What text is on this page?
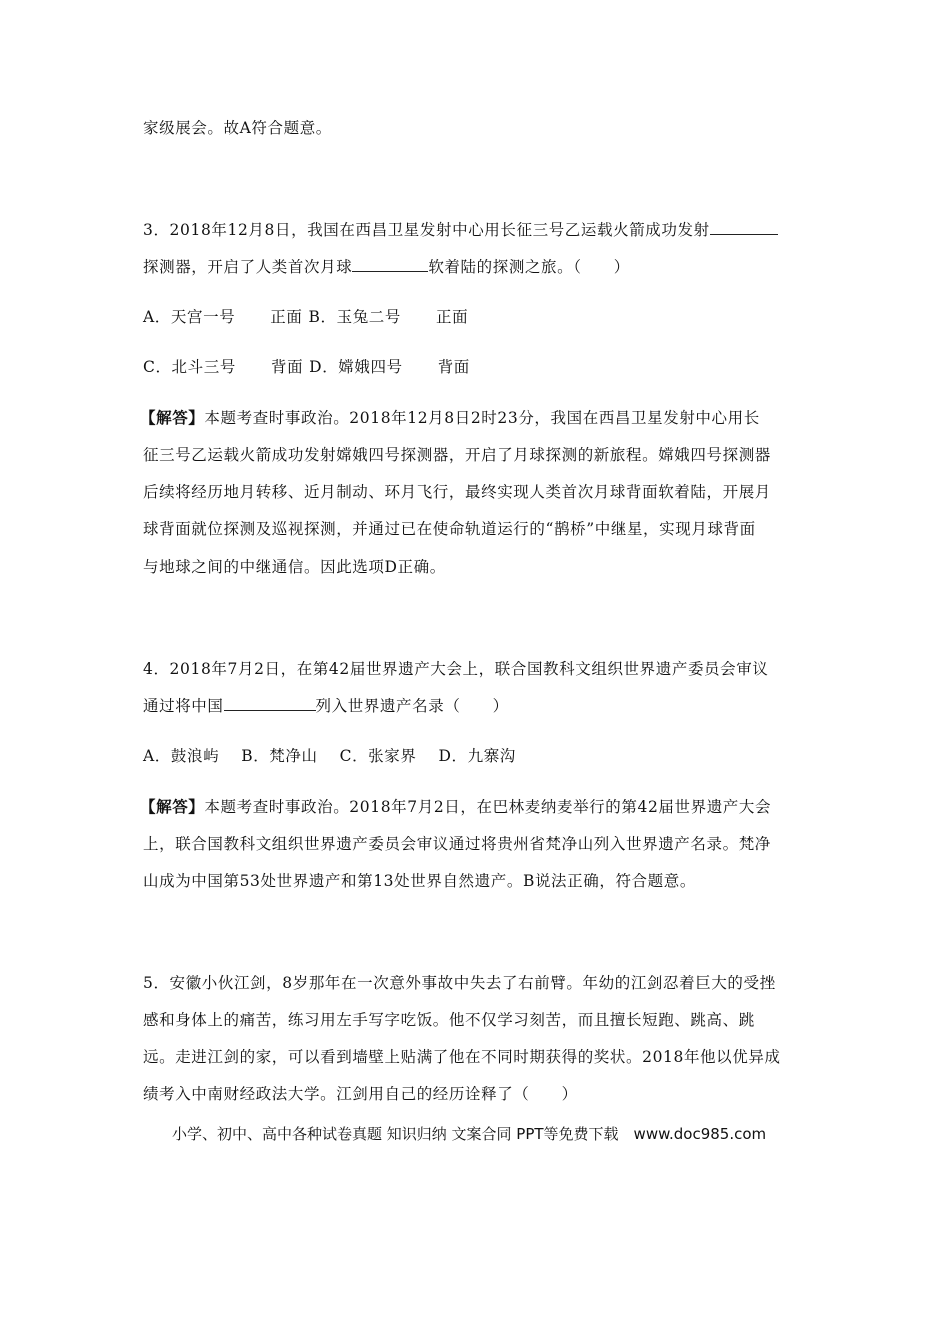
家级展会。故A符合题意。
3．2018年12月8日，我国在西昌卫星发射中心用长征三号乙运载火箭成功发射
探测器，开启了人类首次月球	软着陆的探测之旅。（　　）
A．天宫一号 正面 B．玉兔二号 正面
C．北斗三号 背面 D．嫦娥四号 背面
【解答】本题考查时事政治。2018年12月8日2时23分，我国在西昌卫星发射中心用长
征三号乙运载火箭成功发射嫦娥四号探测器，开启了月球探测的新旅程。嫦娥四号探测器
后续将经历地月转移、近月制动、环月飞行，最终实现人类首次月球背面软着陆，开展月
球背面就位探测及巡视探测，并通过已在使命轨道运行的“鹊桥”中继星，实现月球背面
与地球之间的中继通信。因此选项D正确。
4．2018年7月2日，在第42届世界遗产大会上，联合国教科文组织世界遗产委员会审议
通过将中国	列入世界遗产名录（　　）
A．鼓浪屿 B．梵净山 C．张家界 D．九寨沟
【解答】本题考查时事政治。2018年7月2日，在巴林麦纳麦举行的第42届世界遗产大会
上，联合国教科文组织世界遗产委员会审议通过将贵州省梵净山列入世界遗产名录。梵净
山成为中国第53处世界遗产和第13处世界自然遗产。B说法正确，符合题意。
5．安徽小伙江剑，8岁那年在一次意外事故中失去了右前臂。年幼的江剑忍着巨大的受挫
感和身体上的痛苦，练习用左手写字吃饭。他不仅学习刻苦，而且擅长短跑、跳高、跳
远。走进江剑的家，可以看到墙壁上贴满了他在不同时期获得的奖状。2018年他以优异成
绩考入中南财经政法大学。江剑用自己的经历诠释了（　　）
小学、初中、高中各种试卷真题 知识归纳 文案合同 PPT等免费下载　www.doc985.com
